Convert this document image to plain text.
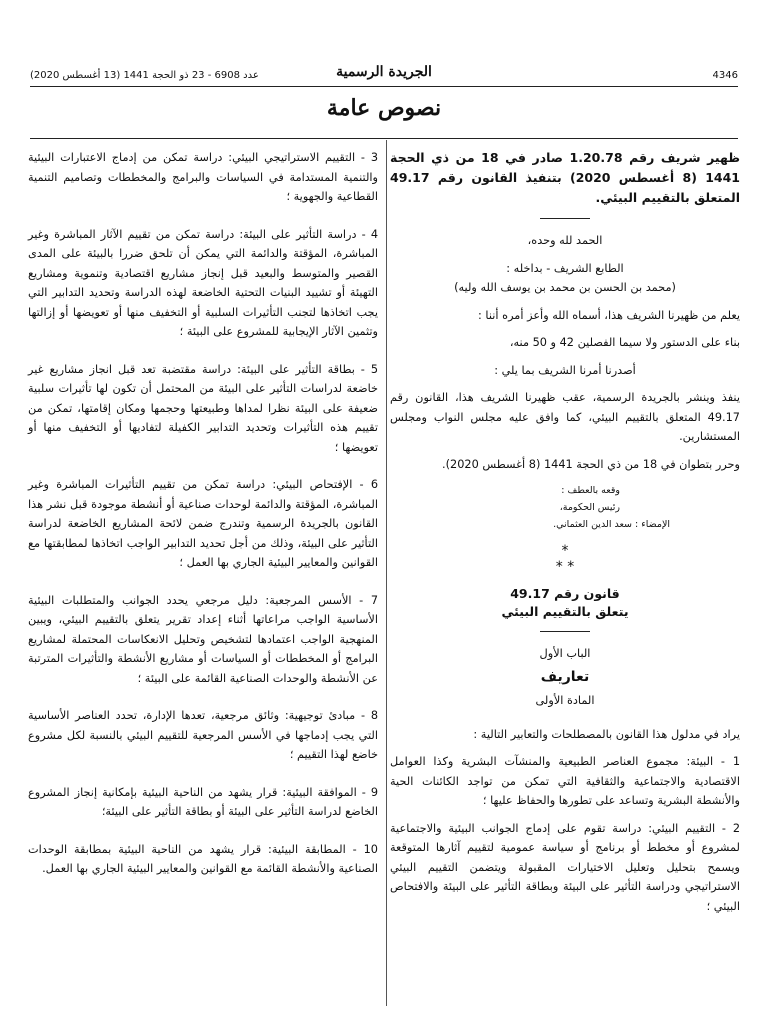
4346
الجريدة الرسمية
عدد 6908 - 23 ذو الحجة 1441 (13 أغسطس 2020)
نصوص عامة

ظهير شريف رقم 1.20.78 صادر في 18 من ذي الحجة 1441 (8 أغسطس 2020) بتنفيذ القانون رقم 49.17 المتعلق بالتقييم البيئي.

الحمد لله وحده،

الطابع الشريف - بداخله :

(محمد بن الحسن بن محمد بن يوسف الله وليه)

يعلم من ظهيرنا الشريف هذا، أسماه الله وأعز أمره أننا :

بناء على الدستور ولا سيما الفصلين 42 و 50 منه،

أصدرنا أمرنا الشريف بما يلي :

ينفذ وينشر بالجريدة الرسمية، عقب ظهيرنا الشريف هذا، القانون رقم 49.17 المتعلق بالتقييم البيئي، كما وافق عليه مجلس النواب ومجلس المستشارين.

وحرر بتطوان في 18 من ذي الحجة 1441 (8 أغسطس 2020).

وقعه بالعطف :
رئيس الحكومة،
الإمضاء : سعد الدين العثماني.
*
* *
قانون رقم 49.17
يتعلق بالتقييم البيئي

الباب الأول

تعاريف

المادة الأولى

يراد في مدلول هذا القانون بالمصطلحات والتعابير التالية :

1 - البيئة: مجموع العناصر الطبيعية والمنشآت البشرية وكذا العوامل الاقتصادية والاجتماعية والثقافية التي تمكن من تواجد الكائنات الحية والأنشطة البشرية وتساعد على تطورها والحفاظ عليها ؛

2 - التقييم البيئي: دراسة تقوم على إدماج الجوانب البيئية والاجتماعية لمشروع أو مخطط أو برنامج أو سياسة عمومية لتقييم آثارها المتوقعة ويسمح بتحليل وتعليل الاختيارات المقبولة ويتضمن التقييم البيئي الاستراتيجي ودراسة التأثير على البيئة وبطاقة التأثير على البيئة والافتحاص البيئي ؛

3 - التقييم الاستراتيجي البيئي: دراسة تمكن من إدماج الاعتبارات البيئية والتنمية المستدامة في السياسات والبرامج والمخططات وتصاميم التنمية القطاعية والجهوية ؛

4 - دراسة التأثير على البيئة: دراسة تمكن من تقييم الآثار المباشرة وغير المباشرة، المؤقتة والدائمة التي يمكن أن تلحق ضررا بالبيئة على المدى القصير والمتوسط والبعيد قبل إنجاز مشاريع اقتصادية وتنموية ومشاريع التهيئة أو تشييد البنيات التحتية الخاضعة لهذه الدراسة وتحديد التدابير التي يجب اتخاذها لتجنب التأثيرات السلبية أو التخفيف منها أو تعويضها أو إزالتها وتثمين الآثار الإيجابية للمشروع على البيئة ؛

5 - بطاقة التأثير على البيئة: دراسة مقتضبة تعد قبل انجاز مشاريع غير خاضعة لدراسات التأثير على البيئة من المحتمل أن تكون لها تأثيرات سلبية ضعيفة على البيئة نظرا لمداها وطبيعتها وحجمها ومكان إقامتها، تمكن من تقييم هذه التأثيرات وتحديد التدابير الكفيلة لتفاديها أو التخفيف منها أو تعويضها ؛

6 - الإفتحاص البيئي: دراسة تمكن من تقييم التأثيرات المباشرة وغير المباشرة، المؤقتة والدائمة لوحدات صناعية أو أنشطة موجودة قبل نشر هذا القانون بالجريدة الرسمية وتندرج ضمن لائحة المشاريع الخاضعة لدراسة التأثير على البيئة، وذلك من أجل تحديد التدابير الواجب اتخاذها لمطابقتها مع القوانين والمعايير البيئية الجاري بها العمل ؛

7 - الأسس المرجعية: دليل مرجعي يحدد الجوانب والمتطلبات البيئية الأساسية الواجب مراعاتها أثناء إعداد تقرير يتعلق بالتقييم البيئي، ويبين المنهجية الواجب اعتمادها لتشخيص وتحليل الانعكاسات المحتملة لمشاريع البرامج أو المخططات أو السياسات أو مشاريع الأنشطة والتأثيرات المترتبة عن الأنشطة والوحدات الصناعية القائمة على البيئة ؛

8 - مبادئ توجيهية: وثائق مرجعية، تعدها الإدارة، تحدد العناصر الأساسية التي يجب إدماجها في الأسس المرجعية للتقييم البيئي بالنسبة لكل مشروع خاضع لهذا التقييم ؛

9 - الموافقة البيئية: قرار يشهد من الناحية البيئية بإمكانية إنجاز المشروع الخاضع لدراسة التأثير على البيئة أو بطاقة التأثير على البيئة؛

10 - المطابقة البيئية: قرار يشهد من الناحية البيئية بمطابقة الوحدات الصناعية والأنشطة القائمة مع القوانين والمعايير البيئية الجاري بها العمل.
